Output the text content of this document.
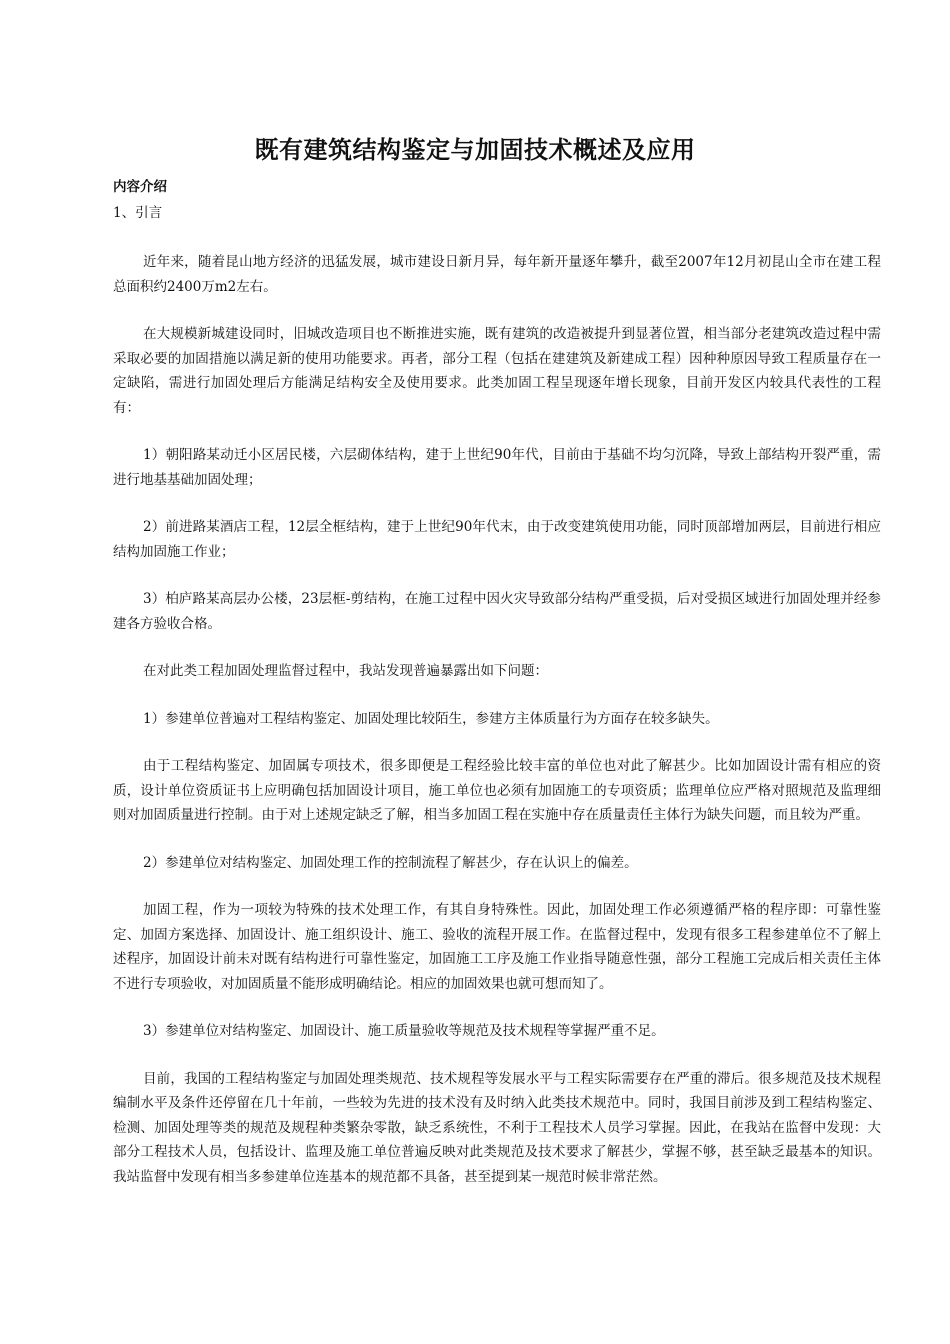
既有建筑结构鉴定与加固技术概述及应用
内容介绍
1、引言

近年来，随着昆山地方经济的迅猛发展，城市建设日新月异，每年新开量逐年攀升，截至2007年12月初昆山全市在建工程总面积约2400万m2左右。

在大规模新城建设同时，旧城改造项目也不断推进实施，既有建筑的改造被提升到显著位置，相当部分老建筑改造过程中需采取必要的加固措施以满足新的使用功能要求。再者，部分工程（包括在建建筑及新建成工程）因种种原因导致工程质量存在一定缺陷，需进行加固处理后方能满足结构安全及使用要求。此类加固工程呈现逐年增长现象，目前开发区内较具代表性的工程有：

1）朝阳路某动迁小区居民楼，六层砌体结构，建于上世纪90年代，目前由于基础不均匀沉降，导致上部结构开裂严重，需进行地基基础加固处理；

2）前进路某酒店工程，12层全框结构，建于上世纪90年代末，由于改变建筑使用功能，同时顶部增加两层，目前进行相应结构加固施工作业；

3）柏庐路某高层办公楼，23层框-剪结构，在施工过程中因火灾导致部分结构严重受损，后对受损区域进行加固处理并经参建各方验收合格。

在对此类工程加固处理监督过程中，我站发现普遍暴露出如下问题：

1）参建单位普遍对工程结构鉴定、加固处理比较陌生，参建方主体质量行为方面存在较多缺失。

由于工程结构鉴定、加固属专项技术，很多即便是工程经验比较丰富的单位也对此了解甚少。比如加固设计需有相应的资质，设计单位资质证书上应明确包括加固设计项目，施工单位也必须有加固施工的专项资质；监理单位应严格对照规范及监理细则对加固质量进行控制。由于对上述规定缺乏了解，相当多加固工程在实施中存在质量责任主体行为缺失问题，而且较为严重。

2）参建单位对结构鉴定、加固处理工作的控制流程了解甚少，存在认识上的偏差。

加固工程，作为一项较为特殊的技术处理工作，有其自身特殊性。因此，加固处理工作必须遵循严格的程序即：可靠性鉴定、加固方案选择、加固设计、施工组织设计、施工、验收的流程开展工作。在监督过程中，发现有很多工程参建单位不了解上述程序，加固设计前未对既有结构进行可靠性鉴定，加固施工工序及施工作业指导随意性强，部分工程施工完成后相关责任主体不进行专项验收，对加固质量不能形成明确结论。相应的加固效果也就可想而知了。

3）参建单位对结构鉴定、加固设计、施工质量验收等规范及技术规程等掌握严重不足。

目前，我国的工程结构鉴定与加固处理类规范、技术规程等发展水平与工程实际需要存在严重的滞后。很多规范及技术规程编制水平及条件还停留在几十年前，一些较为先进的技术没有及时纳入此类技术规范中。同时，我国目前涉及到工程结构鉴定、检测、加固处理等类的规范及规程种类繁杂零散，缺乏系统性，不利于工程技术人员学习掌握。因此，在我站在监督中发现：大部分工程技术人员，包括设计、监理及施工单位普遍反映对此类规范及技术要求了解甚少，掌握不够，甚至缺乏最基本的知识。我站监督中发现有相当多参建单位连基本的规范都不具备，甚至提到某一规范时候非常茫然。
